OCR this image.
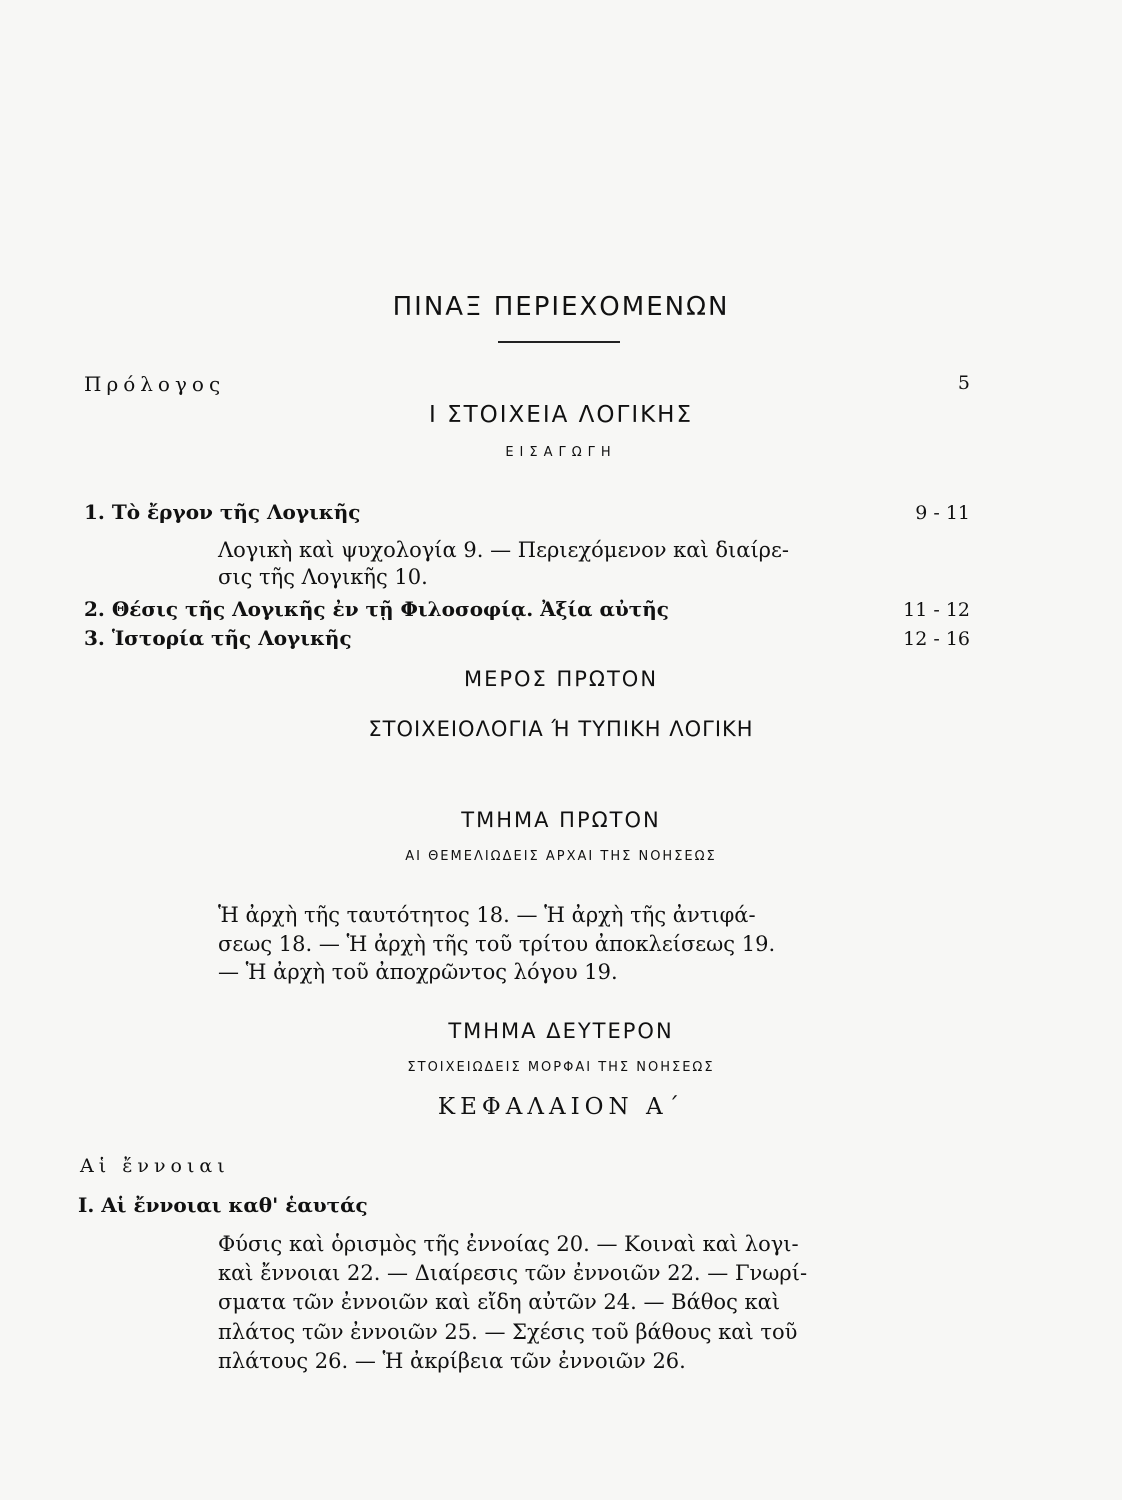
ΠΙΝΑΞ ΠΕΡΙΕΧΟΜΕΝΩΝ
Πρόλογος	5
Ι ΣΤΟΙΧΕΙΑ ΛΟΓΙΚΗΣ
ΕΙΣΑΓΩΓΗ
1. Τὸ ἔργον τῆς Λογικῆς	9 - 11
Λογικὴ καὶ ψυχολογία 9. — Περιεχόμενον καὶ διαίρε-
σις τῆς Λογικῆς 10.
2. Θέσις τῆς Λογικῆς ἐν τῇ Φιλοσοφίᾳ. Ἀξία αὐτῆς	11 - 12
3. Ἱστορία τῆς Λογικῆς	12 - 16
ΜΕΡΟΣ ΠΡΩΤΟΝ
ΣΤΟΙΧΕΙΟΛΟΓΙΑ Ή ΤΥΠΙΚΗ ΛΟΓΙΚΗ
ΤΜΗΜΑ ΠΡΩΤΟΝ
ΑΙ ΘΕΜΕΛΙΩΔΕΙΣ ΑΡΧΑΙ ΤΗΣ ΝΟΗΣΕΩΣ
Ἡ ἀρχὴ τῆς ταυτότητος 18. — Ἡ ἀρχὴ τῆς ἀντιφά-
σεως 18. — Ἡ ἀρχὴ τῆς τοῦ τρίτου ἀποκλείσεως 19.
— Ἡ ἀρχὴ τοῦ ἀποχρῶντος λόγου 19.
ΤΜΗΜΑ ΔΕΥΤΕΡΟΝ
ΣΤΟΙΧΕΙΩΔΕΙΣ ΜΟΡΦΑΙ ΤΗΣ ΝΟΗΣΕΩΣ
ΚΕΦΑΛΑΙΟΝ Α΄
Αἱ ἔννοιαι
Ι. Αἱ ἔννοιαι καθ' ἑαυτάς
Φύσις καὶ ὁρισμὸς τῆς ἐννοίας 20. — Κοιναὶ καὶ λογι-
καὶ ἔννοιαι 22. — Διαίρεσις τῶν ἐννοιῶν 22. — Γνωρί-
σματα τῶν ἐννοιῶν καὶ εἴδη αὐτῶν 24. — Βάθος καὶ
πλάτος τῶν ἐννοιῶν 25. — Σχέσις τοῦ βάθους καὶ τοῦ
πλάτους 26. — Ἡ ἀκρίβεια τῶν ἐννοιῶν 26.
